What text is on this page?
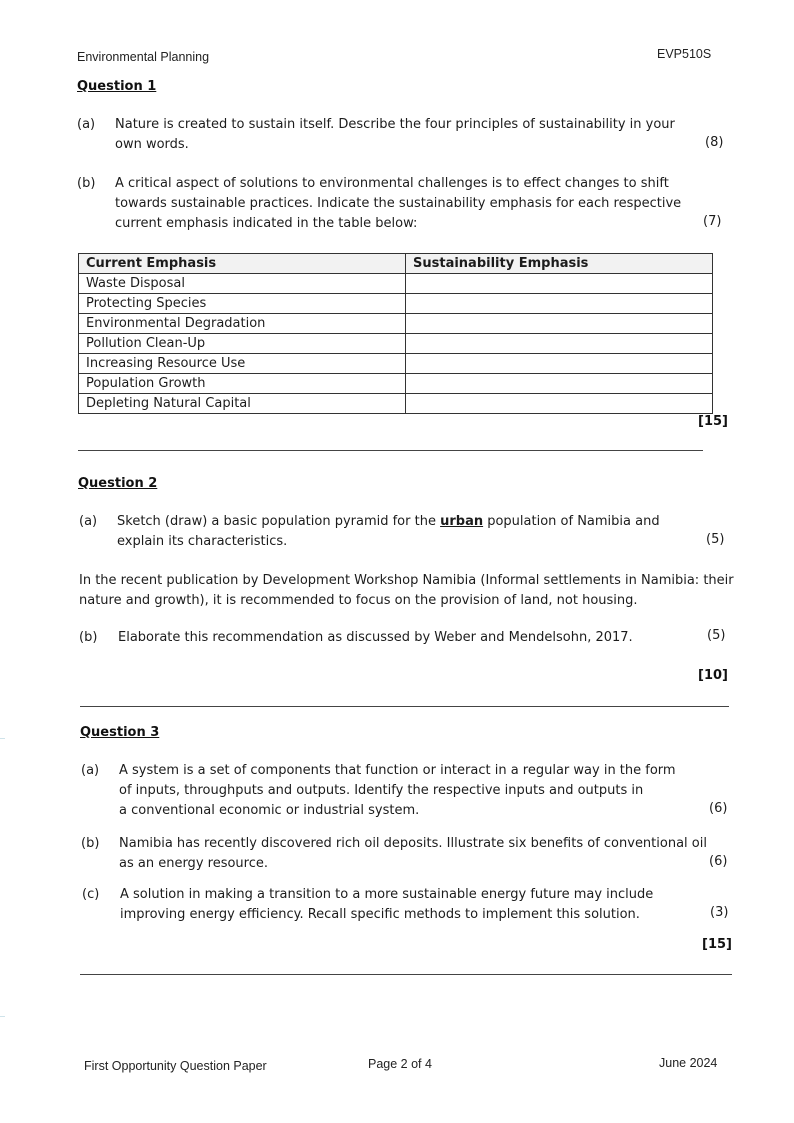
Environmental Planning	EVP510S
Question 1
(a) Nature is created to sustain itself. Describe the four principles of sustainability in your
own words.	(8)
(b) A critical aspect of solutions to environmental challenges is to effect changes to shift
towards sustainable practices. Indicate the sustainability emphasis for each respective
current emphasis indicated in the table below:	(7)
Current Emphasis	Sustainability Emphasis
Waste Disposal	
Protecting Species	
Environmental Degradation	
Pollution Clean-Up	
Increasing Resource Use	
Population Growth	
Depleting Natural Capital	
[15]
Question 2
(a) Sketch (draw) a basic population pyramid for the urban population of Namibia and
explain its characteristics.	(5)
In the recent publication by Development Workshop Namibia (Informal settlements in Namibia: their
nature and growth), it is recommended to focus on the provision of land, not housing.
(b) Elaborate this recommendation as discussed by Weber and Mendelsohn, 2017.	(5)
[10]
Question 3
(a) A system is a set of components that function or interact in a regular way in the form
of inputs, throughputs and outputs. Identify the respective inputs and outputs in
a conventional economic or industrial system.	(6)
(b) Namibia has recently discovered rich oil deposits. Illustrate six benefits of conventional oil
as an energy resource.	(6)
(c) A solution in making a transition to a more sustainable energy future may include
improving energy efficiency. Recall specific methods to implement this solution.	(3)
[15]
First Opportunity Question Paper	Page 2 of 4	June 2024
